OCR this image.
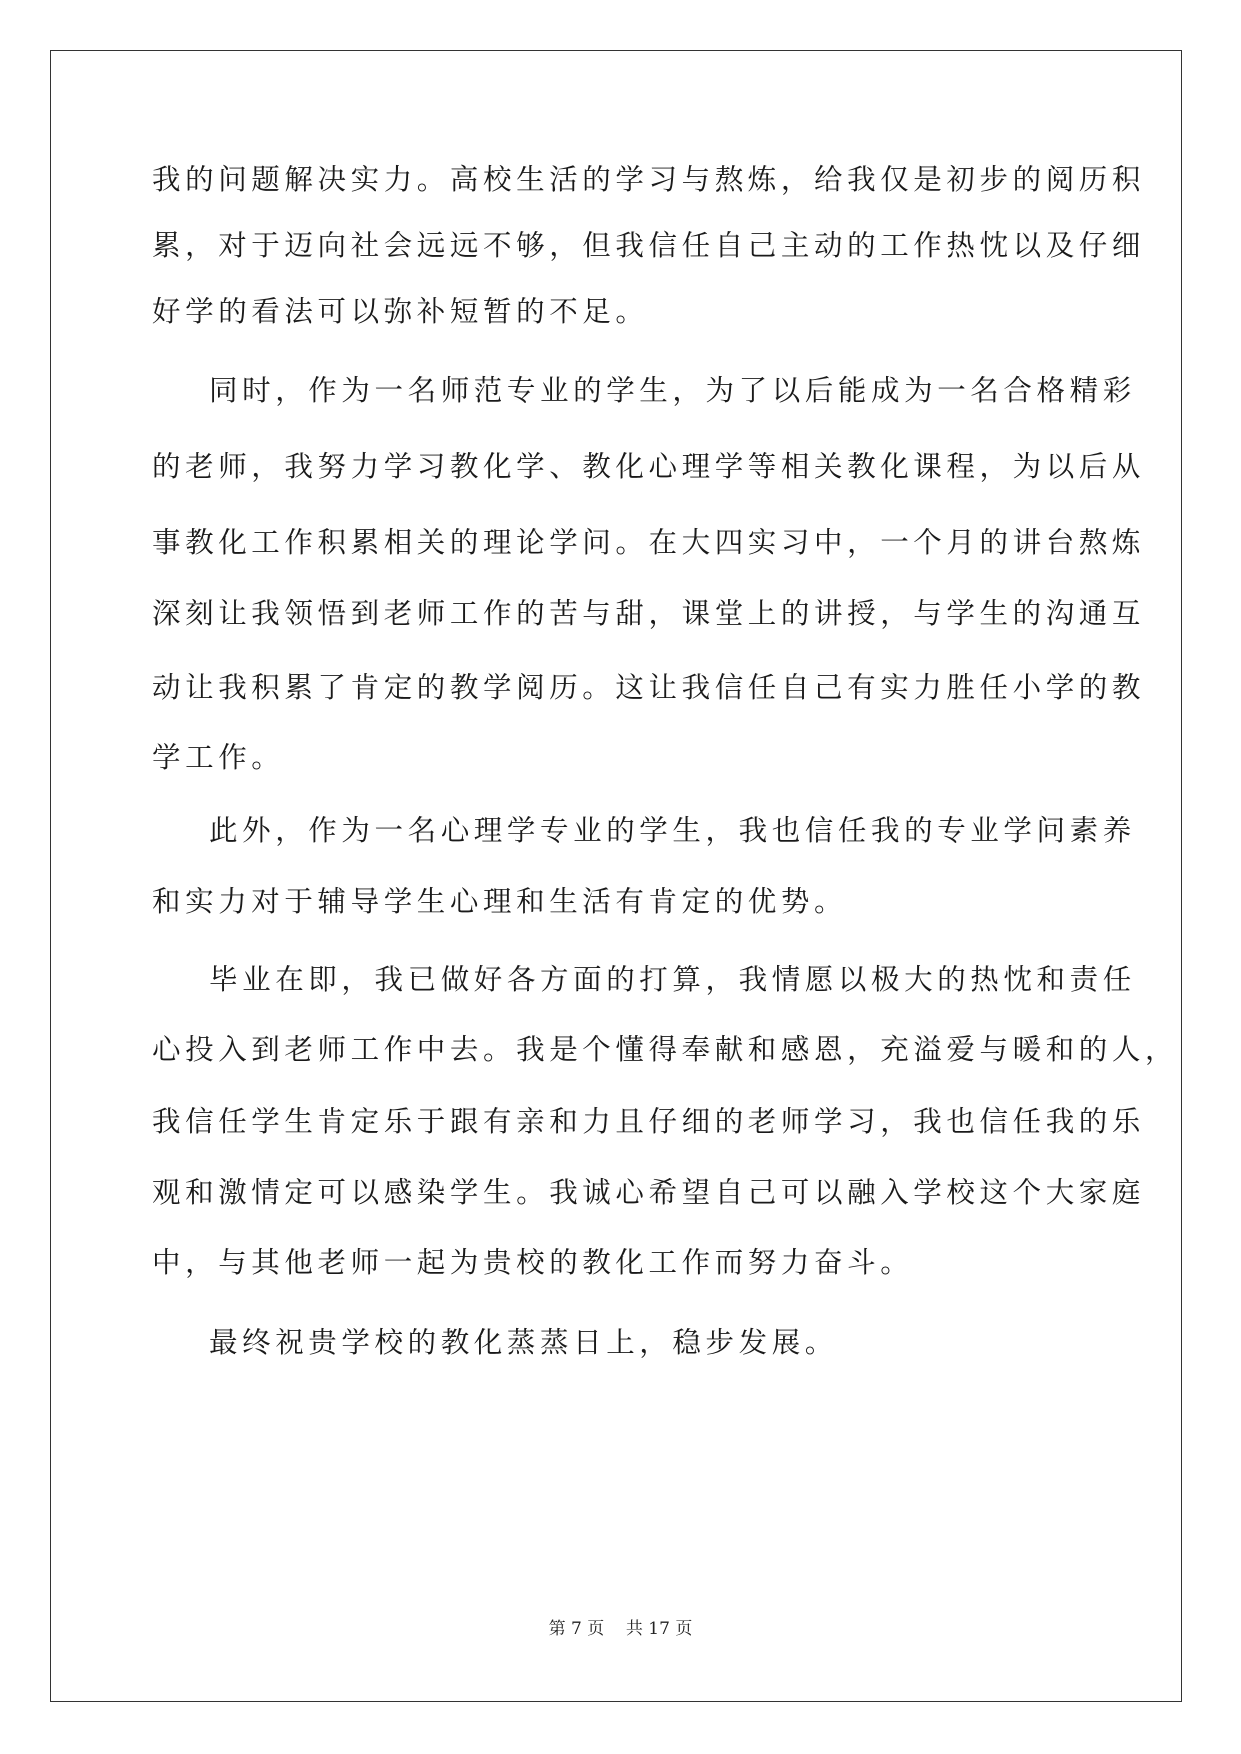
我的问题解决实力。高校生活的学习与熬炼，给我仅是初步的阅历积
累，对于迈向社会远远不够，但我信任自己主动的工作热忱以及仔细
好学的看法可以弥补短暂的不足。
同时，作为一名师范专业的学生，为了以后能成为一名合格精彩
的老师，我努力学习教化学、教化心理学等相关教化课程，为以后从
事教化工作积累相关的理论学问。在大四实习中，一个月的讲台熬炼
深刻让我领悟到老师工作的苦与甜，课堂上的讲授，与学生的沟通互
动让我积累了肯定的教学阅历。这让我信任自己有实力胜任小学的教
学工作。
此外，作为一名心理学专业的学生，我也信任我的专业学问素养
和实力对于辅导学生心理和生活有肯定的优势。
毕业在即，我已做好各方面的打算，我情愿以极大的热忱和责任
心投入到老师工作中去。我是个懂得奉献和感恩，充溢爱与暖和的人，
我信任学生肯定乐于跟有亲和力且仔细的老师学习，我也信任我的乐
观和激情定可以感染学生。我诚心希望自己可以融入学校这个大家庭
中，与其他老师一起为贵校的教化工作而努力奋斗。
最终祝贵学校的教化蒸蒸日上，稳步发展。
第 7 页    共 17 页
